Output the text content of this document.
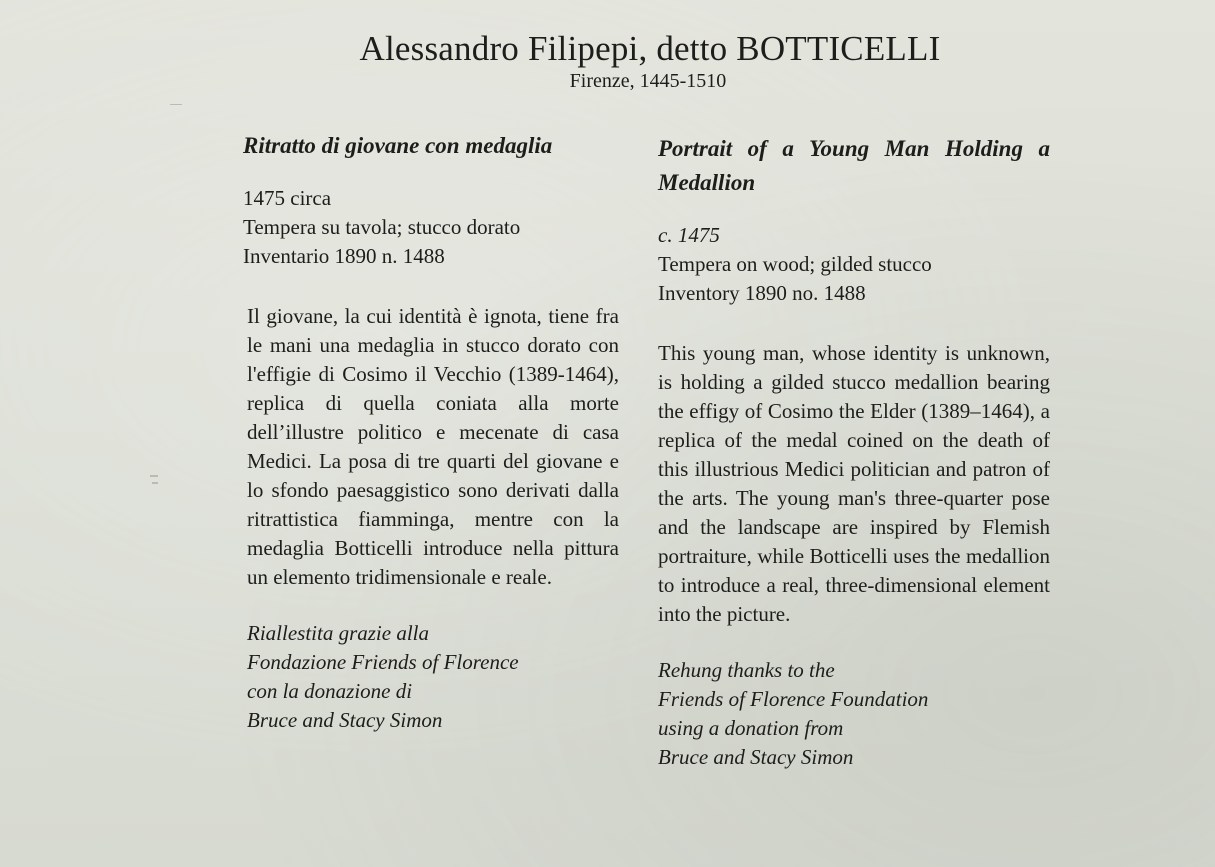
Alessandro Filipepi, detto BOTTICELLI
Firenze, 1445-1510

Ritratto di giovane con medaglia

1475 circa
Tempera su tavola; stucco dorato
Inventario 1890 n. 1488

Il giovane, la cui identità è ignota, tiene fra le mani una medaglia in stucco dorato con l'effigie di Cosimo il Vecchio (1389-1464), replica di quella coniata alla morte dell’illustre politico e mecenate di casa Medici. La posa di tre quarti del giovane e lo sfondo paesaggistico sono derivati dalla ritrattistica fiamminga, mentre con la medaglia Botticelli introduce nella pittura un elemento tridimensionale e reale.

Riallestita grazie alla
Fondazione Friends of Florence
con la donazione di
Bruce and Stacy Simon

Portrait of a Young Man Holding a Medallion

c. 1475
Tempera on wood; gilded stucco
Inventory 1890 no. 1488

This young man, whose identity is unknown, is holding a gilded stucco medallion bearing the effigy of Cosimo the Elder (1389–1464), a replica of the medal coined on the death of this illustrious Medici politician and patron of the arts. The young man's three-quarter pose and the landscape are inspired by Flemish portraiture, while Botticelli uses the medallion to introduce a real, three-dimensional element into the picture.

Rehung thanks to the
Friends of Florence Foundation
using a donation from
Bruce and Stacy Simon
